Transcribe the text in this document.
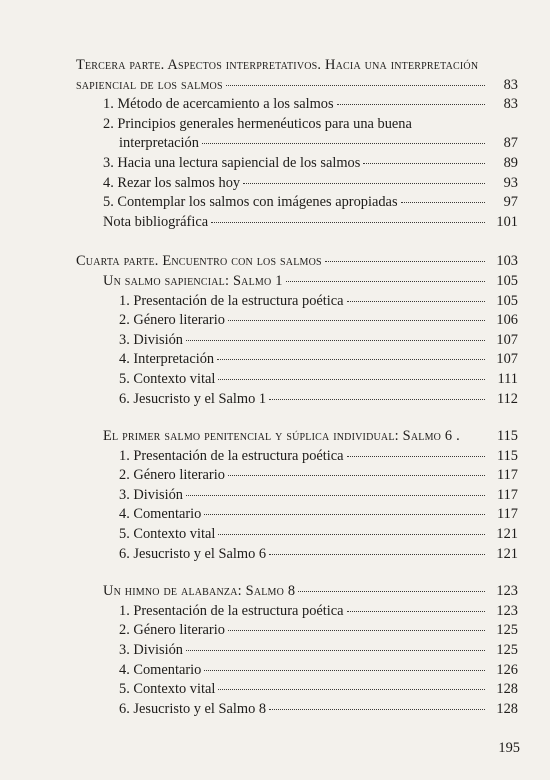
Tercera parte. Aspectos interpretativos. Hacia una interpretación
sapiencial de los salmos	83
1. Método de acercamiento a los salmos	83
2. Principios generales hermenéuticos para una buena
interpretación	87
3. Hacia una lectura sapiencial de los salmos	89
4. Rezar los salmos hoy	93
5. Contemplar los salmos con imágenes apropiadas	97
Nota bibliográfica	101
Cuarta parte. Encuentro con los salmos	103
Un salmo sapiencial: Salmo 1	105
1. Presentación de la estructura poética	105
2. Género literario	106
3. División	107
4. Interpretación	107
5. Contexto vital	111
6. Jesucristo y el Salmo 1	112
El primer salmo penitencial y súplica individual: Salmo 6 .	115
1. Presentación de la estructura poética	115
2. Género literario	117
3. División	117
4. Comentario	117
5. Contexto vital	121
6. Jesucristo y el Salmo 6	121
Un himno de alabanza: Salmo 8	123
1. Presentación de la estructura poética	123
2. Género literario	125
3. División	125
4. Comentario	126
5. Contexto vital	128
6. Jesucristo y el Salmo 8	128
195
